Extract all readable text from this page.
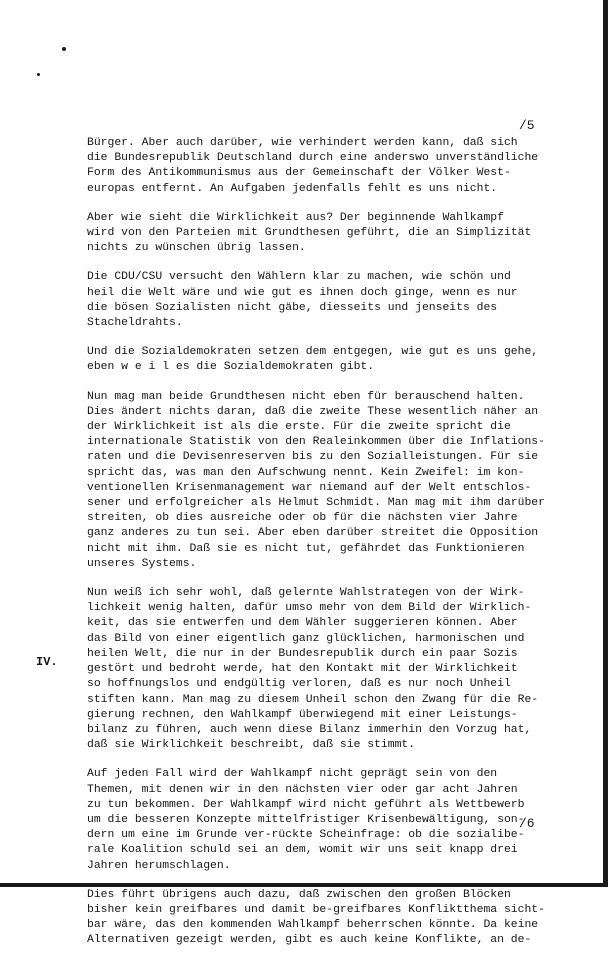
/5
IV.
Bürger. Aber auch darüber, wie verhindert werden kann, daß sich
die Bundesrepublik Deutschland durch eine anderswo unverständliche
Form des Antikommunismus aus der Gemeinschaft der Völker West-
europas entfernt. An Aufgaben jedenfalls fehlt es uns nicht.
Aber wie sieht die Wirklichkeit aus? Der beginnende Wahlkampf
wird von den Parteien mit Grundthesen geführt, die an Simplizität
nichts zu wünschen übrig lassen.
Die CDU/CSU versucht den Wählern klar zu machen, wie schön und
heil die Welt wäre und wie gut es ihnen doch ginge, wenn es nur
die bösen Sozialisten nicht gäbe, diesseits und jenseits des
Stacheldrahts.
Und die Sozialdemokraten setzen dem entgegen, wie gut es uns gehe,
eben w e i l es die Sozialdemokraten gibt.
Nun mag man beide Grundthesen nicht eben für berauschend halten.
Dies ändert nichts daran, daß die zweite These wesentlich näher an
der Wirklichkeit ist als die erste. Für die zweite spricht die
internationale Statistik von den Realeinkommen über die Inflations-
raten und die Devisenreserven bis zu den Sozialleistungen. Für sie
spricht das, was man den Aufschwung nennt. Kein Zweifel: im kon-
ventionellen Krisenmanagement war niemand auf der Welt entschlos-
sener und erfolgreicher als Helmut Schmidt. Man mag mit ihm darüber
streiten, ob dies ausreiche oder ob für die nächsten vier Jahre
ganz anderes zu tun sei. Aber eben darüber streitet die Opposition
nicht mit ihm. Daß sie es nicht tut, gefährdet das Funktionieren
unseres Systems.
Nun weiß ich sehr wohl, daß gelernte Wahlstrategen von der Wirk-
lichkeit wenig halten, dafür umso mehr von dem Bild der Wirklich-
keit, das sie entwerfen und dem Wähler suggerieren können. Aber
das Bild von einer eigentlich ganz glücklichen, harmonischen und
heilen Welt, die nur in der Bundesrepublik durch ein paar Sozis
gestört und bedroht werde, hat den Kontakt mit der Wirklichkeit
so hoffnungslos und endgültig verloren, daß es nur noch Unheil
stiften kann. Man mag zu diesem Unheil schon den Zwang für die Re-
gierung rechnen, den Wahlkampf überwiegend mit einer Leistungs-
bilanz zu führen, auch wenn diese Bilanz immerhin den Vorzug hat,
daß sie Wirklichkeit beschreibt, daß sie stimmt.
Auf jeden Fall wird der Wahlkampf nicht geprägt sein von den
Themen, mit denen wir in den nächsten vier oder gar acht Jahren
zu tun bekommen. Der Wahlkampf wird nicht geführt als Wettbewerb
um die besseren Konzepte mittelfristiger Krisenbewältigung, son-
dern um eine im Grunde ver-rückte Scheinfrage: ob die sozialibe-
rale Koalition schuld sei an dem, womit wir uns seit knapp drei
Jahren herumschlagen.
Dies führt übrigens auch dazu, daß zwischen den großen Blöcken
bisher kein greifbares und damit be-greifbares Konfliktthema sicht-
bar wäre, das den kommenden Wahlkampf beherrschen könnte. Da keine
Alternativen gezeigt werden, gibt es auch keine Konflikte, an de-
/6
